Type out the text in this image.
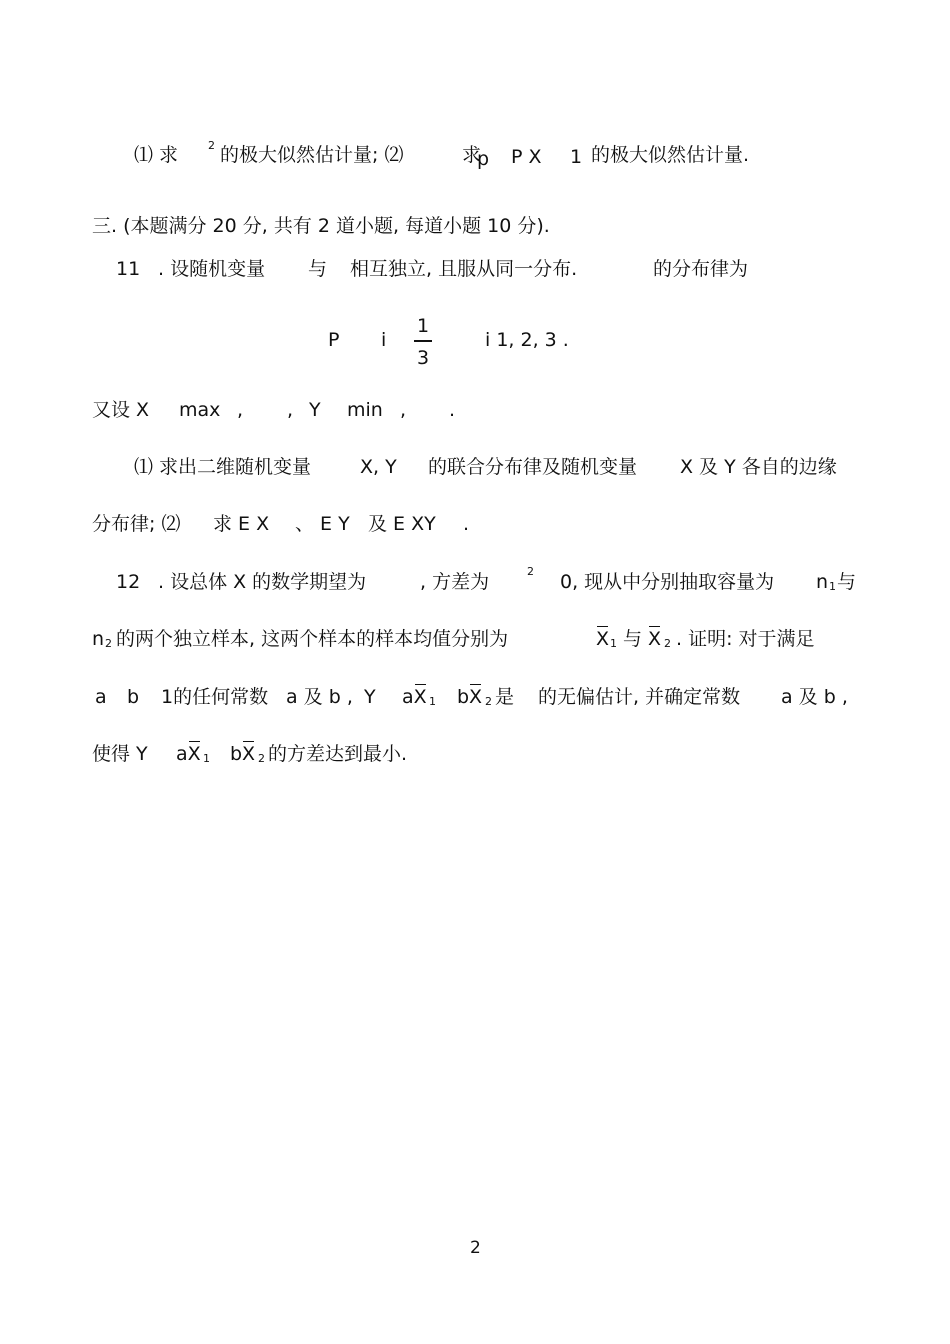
⑴ 求	2 的极大似然估计量; ⑵	求
p P X 1 的极大似然估计量.
三. (本题满分 20 分, 共有 2 道小题, 每道小题 10 分).
11 . 设随机变量 与 相互独立, 且服从同一分布.	的分布律为
P i
1
3
i 1, 2, 3 .
又设 X max , , Y min , .
⑴ 求出二维随机变量	X, Y 的联合分布律及随机变量 X 及 Y 各自的边缘
分布律; ⑵ 求 E X 、 E Y 及 E XY .
12 . 设总体 X 的数学期望为	, 方差为	2 0, 现从中分别抽取容量为 n 1 与
n 2 的两个独立样本, 这两个样本的样本均值分别为	X 1 与 X 2 . 证明: 对于满足
a b 1的任何常数 a 及 b , Y aX 1 bX 2 是 的无偏估计, 并确定常数 a 及 b ,
使得 Y aX 1 bX 2 的方差达到最小.
2
